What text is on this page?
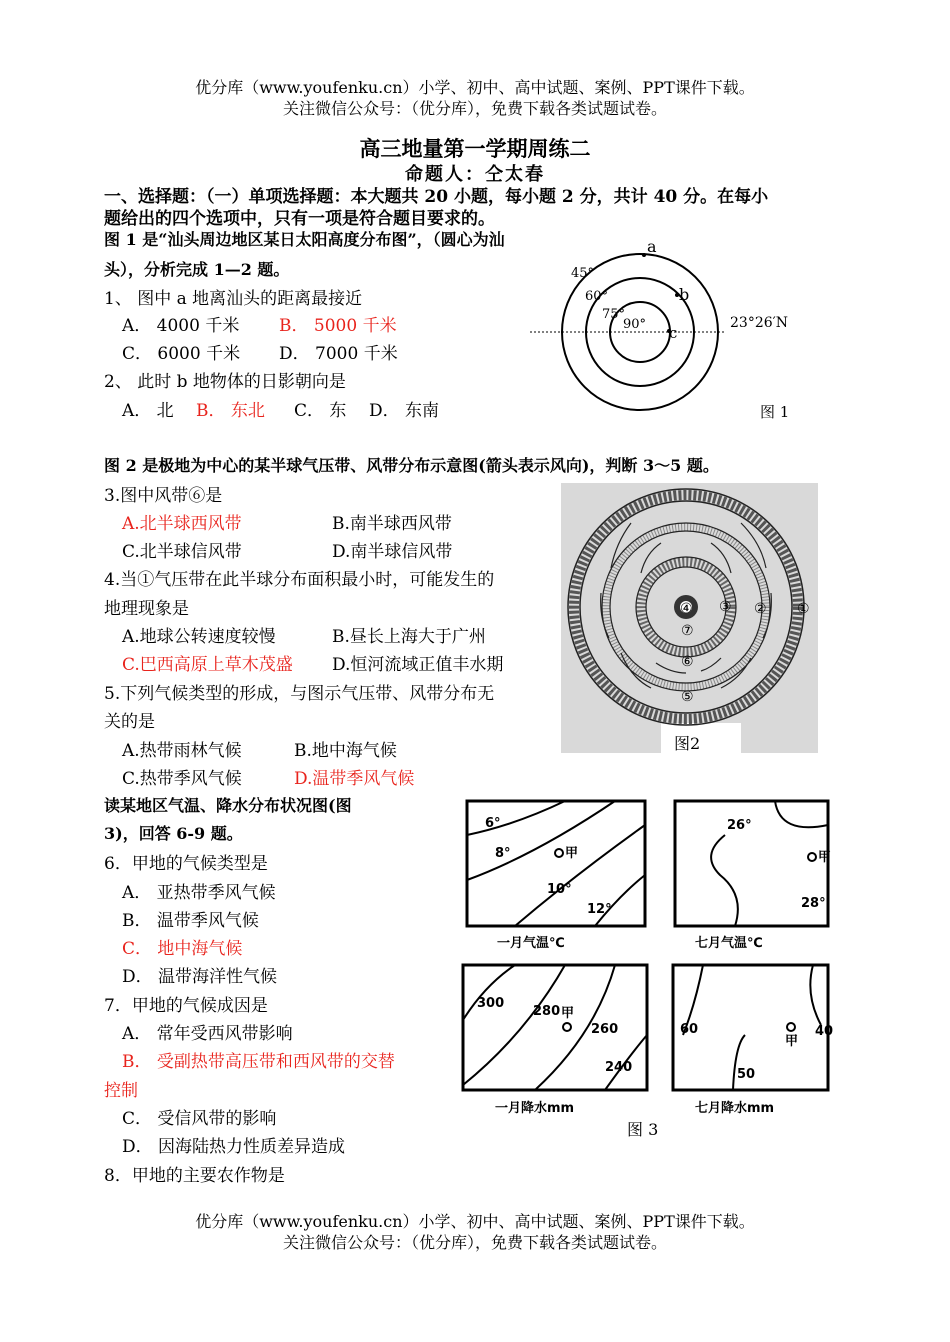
优分库（www.youfenku.cn）小学、初中、高中试题、案例、PPT课件下载。
关注微信公众号：（优分库），免费下载各类试题试卷。
高三地量第一学期周练二
命题人：仝太春
一、选择题：（一）单项选择题：本大题共 20 小题，每小题 2 分，共计 40 分。在每小
题给出的四个选项中，只有一项是符合题目要求的。
图 1 是“汕头周边地区某日太阳高度分布图”，（圆心为汕
头），分析完成 1—2 题。
1、 图中 a 地离汕头的距离最接近
A． 4000 千米 B． 5000 千米
C． 6000 千米 D． 7000 千米
2、 此时 b 地物体的日影朝向是
A． 北 B． 东北 C． 东 D． 东南
a
b
c
45°
60°
75°
90°	23°26′N
图 1
图 2 是极地为中心的某半球气压带、风带分布示意图(箭头表示风向)，判断 3～5 题。
3.图中风带⑥是
A.北半球西风带	B.南半球西风带
C.北半球信风带	D.南半球信风带
4.当①气压带在此半球分布面积最小时，可能发生的
地理现象是
A.地球公转速度较慢	B.昼长上海大于广州
C.巴西高原上草木茂盛 D.恒河流域正值丰水期
5.下列气候类型的形成，与图示气压带、风带分布无
关的是
A.热带雨林气候	B.地中海气候
C.热带季风气候	D.温带季风气候
①
②
③
④
⑤
⑥
⑦
图2
读某地区气温、降水分布状况图(图
3)，回答 6-9 题。
6．甲地的气候类型是
A． 亚热带季风气候
B． 温带季风气候
C． 地中海气候
D． 温带海洋性气候
7．甲地的气候成因是
A． 常年受西风带影响
B． 受副热带高压带和西风带的交替
控制
C． 受信风带的影响
D． 因海陆热力性质差异造成
8．甲地的主要农作物是
6°
8°
10°
12°
甲
一月气温℃
26°
28°
甲
七月气温℃
300
280
260
240
甲
一月降水mm
60	40
50
甲
七月降水mm
图 3
优分库（www.youfenku.cn）小学、初中、高中试题、案例、PPT课件下载。
关注微信公众号：（优分库），免费下载各类试题试卷。
